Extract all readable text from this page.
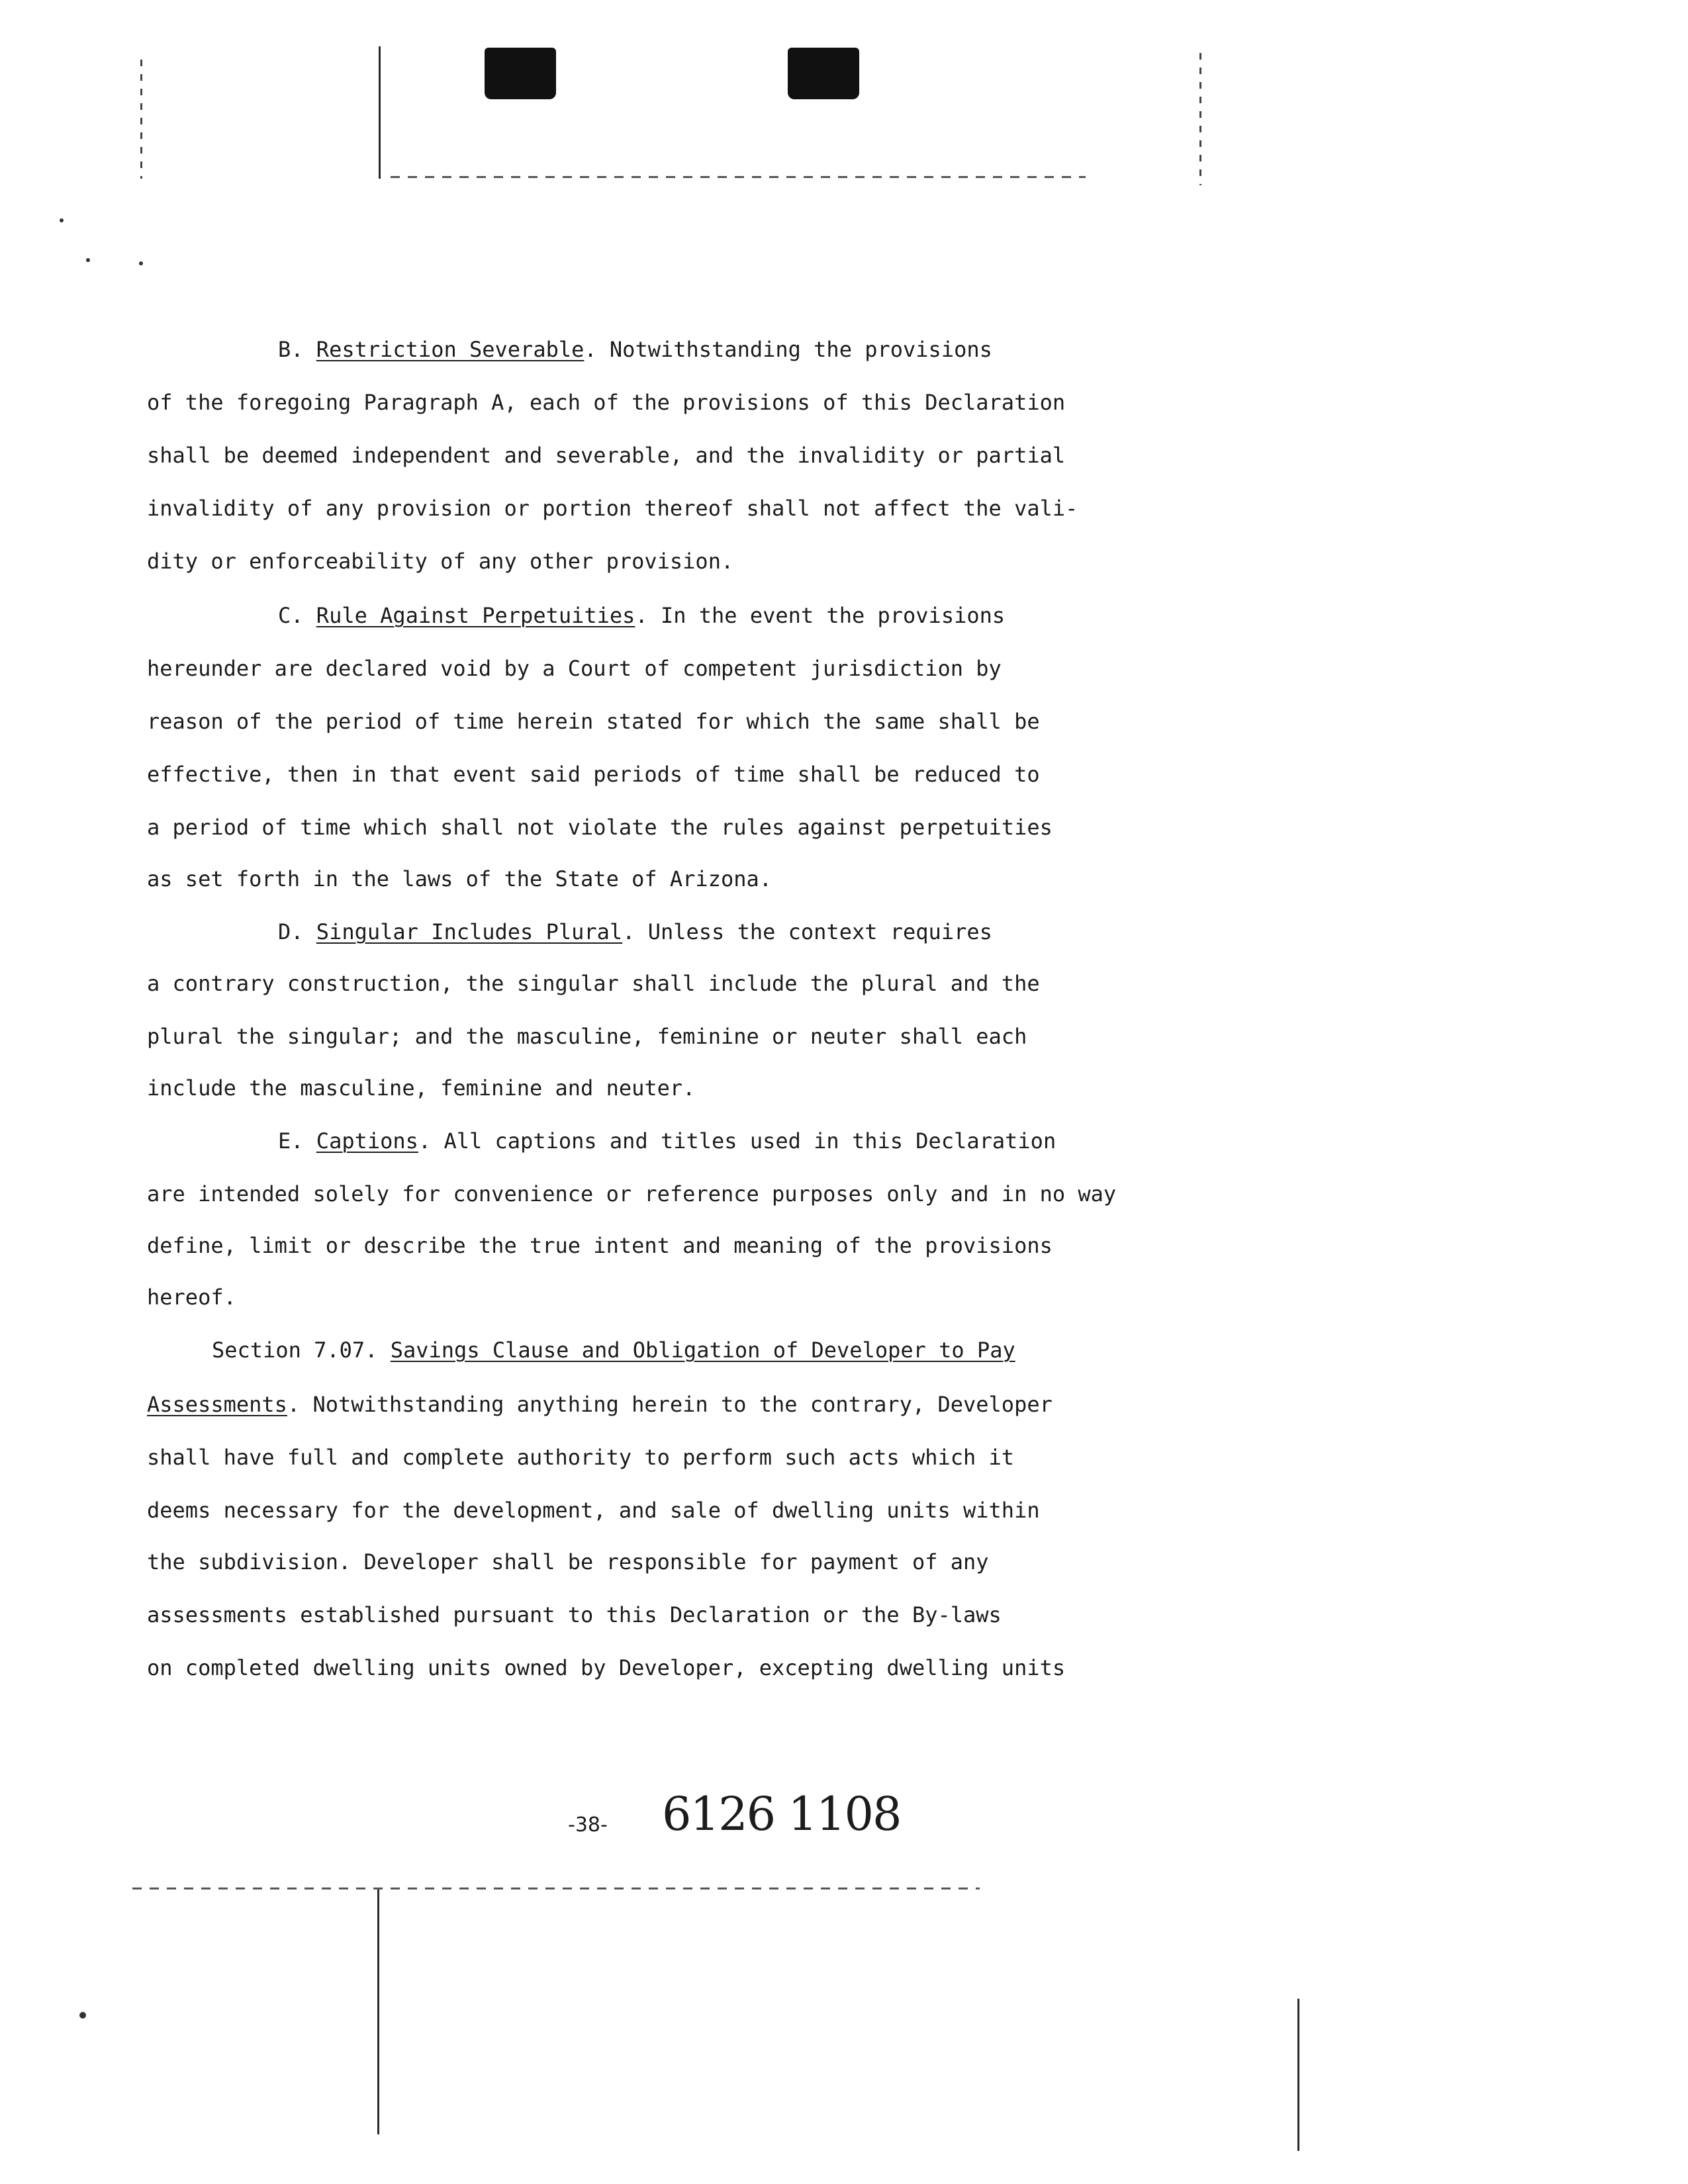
B. Restriction Severable. Notwithstanding the provisions
of the foregoing Paragraph A, each of the provisions of this Declaration
shall be deemed independent and severable, and the invalidity or partial
invalidity of any provision or portion thereof shall not affect the vali-
dity or enforceability of any other provision.
C. Rule Against Perpetuities. In the event the provisions
hereunder are declared void by a Court of competent jurisdiction by
reason of the period of time herein stated for which the same shall be
effective, then in that event said periods of time shall be reduced to
a period of time which shall not violate the rules against perpetuities
as set forth in the laws of the State of Arizona.
D. Singular Includes Plural. Unless the context requires
a contrary construction, the singular shall include the plural and the
plural the singular; and the masculine, feminine or neuter shall each
include the masculine, feminine and neuter.
E. Captions. All captions and titles used in this Declaration
are intended solely for convenience or reference purposes only and in no way
define, limit or describe the true intent and meaning of the provisions
hereof.
Section 7.07. Savings Clause and Obligation of Developer to Pay
Assessments. Notwithstanding anything herein to the contrary, Developer
shall have full and complete authority to perform such acts which it
deems necessary for the development, and sale of dwelling units within
the subdivision. Developer shall be responsible for payment of any
assessments established pursuant to this Declaration or the By-laws
on completed dwelling units owned by Developer, excepting dwelling units
-38- 6126 1108
